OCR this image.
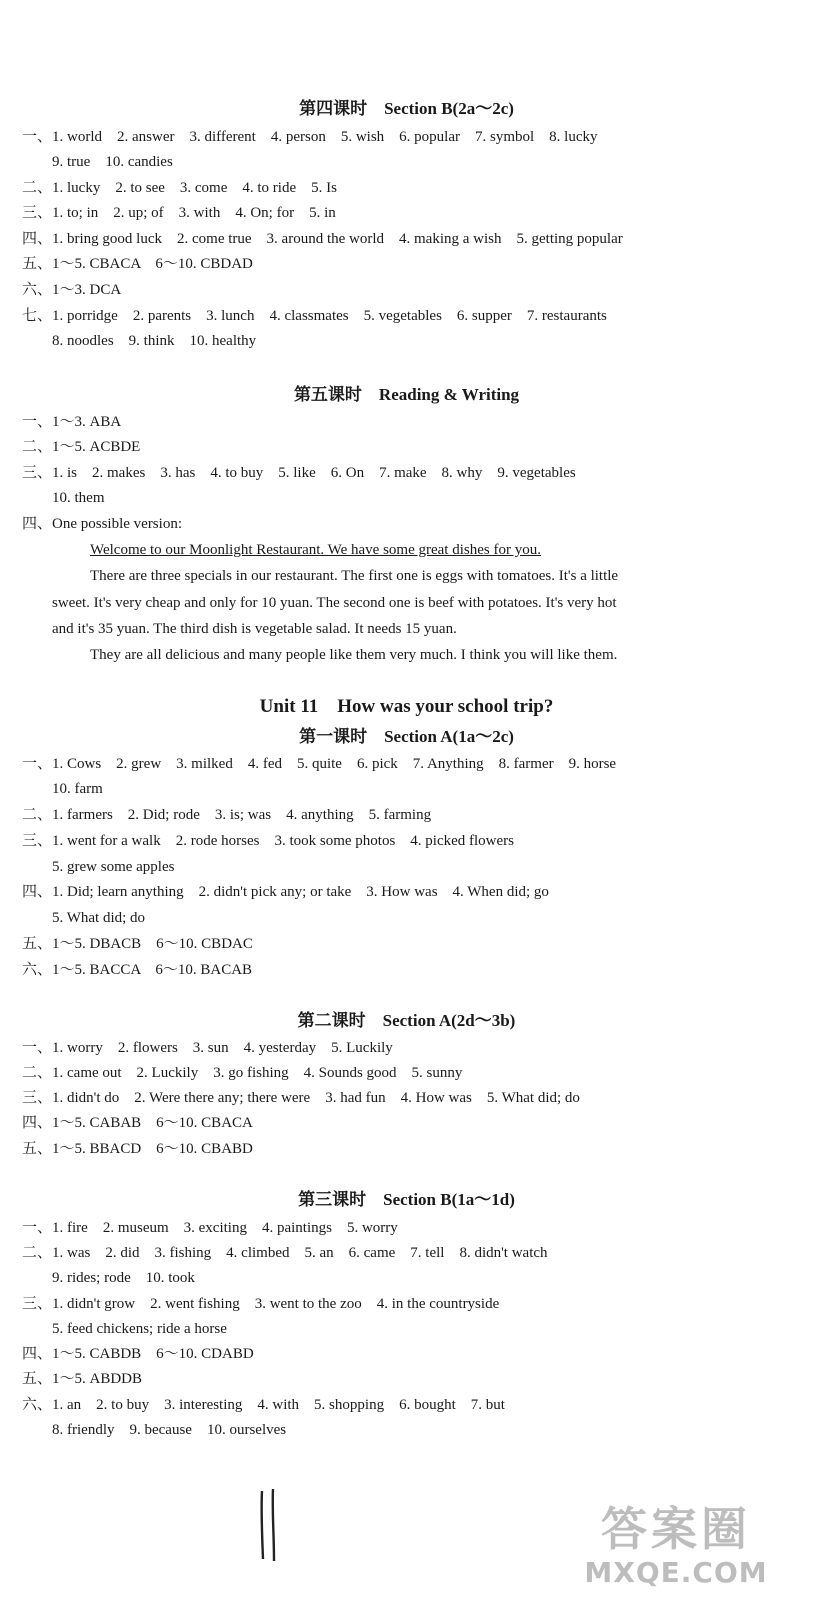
第四课时　Section B(2a～2c)
一、1. world　2. answer　3. different　4. person　5. wish　6. popular　7. symbol　8. lucky
9. true　10. candies
二、1. lucky　2. to see　3. come　4. to ride　5. Is
三、1. to; in　2. up; of　3. with　4. On; for　5. in
四、1. bring good luck　2. come true　3. around the world　4. making a wish　5. getting popular
五、1～5. CBACA　6～10. CBDAD
六、1～3. DCA
七、1. porridge　2. parents　3. lunch　4. classmates　5. vegetables　6. supper　7. restaurants
8. noodles　9. think　10. healthy
第五课时　Reading & Writing
一、1～3. ABA
二、1～5. ACBDE
三、1. is　2. makes　3. has　4. to buy　5. like　6. On　7. make　8. why　9. vegetables
10. them
四、One possible version:
Welcome to our Moonlight Restaurant. We have some great dishes for you.
There are three specials in our restaurant. The first one is eggs with tomatoes. It's a little
sweet. It's very cheap and only for 10 yuan. The second one is beef with potatoes. It's very hot
and it's 35 yuan. The third dish is vegetable salad. It needs 15 yuan.
They are all delicious and many people like them very much. I think you will like them.
Unit 11　How was your school trip?
第一课时　Section A(1a～2c)
一、1. Cows　2. grew　3. milked　4. fed　5. quite　6. pick　7. Anything　8. farmer　9. horse
10. farm
二、1. farmers　2. Did; rode　3. is; was　4. anything　5. farming
三、1. went for a walk　2. rode horses　3. took some photos　4. picked flowers
5. grew some apples
四、1. Did; learn anything　2. didn't pick any; or take　3. How was　4. When did; go
5. What did; do
五、1～5. DBACB　6～10. CBDAC
六、1～5. BACCA　6～10. BACAB
第二课时　Section A(2d～3b)
一、1. worry　2. flowers　3. sun　4. yesterday　5. Luckily
二、1. came out　2. Luckily　3. go fishing　4. Sounds good　5. sunny
三、1. didn't do　2. Were there any; there were　3. had fun　4. How was　5. What did; do
四、1～5. CABAB　6～10. CBACA
五、1～5. BBACD　6～10. CBABD
第三课时　Section B(1a～1d)
一、1. fire　2. museum　3. exciting　4. paintings　5. worry
二、1. was　2. did　3. fishing　4. climbed　5. an　6. came　7. tell　8. didn't watch
9. rides; rode　10. took
三、1. didn't grow　2. went fishing　3. went to the zoo　4. in the countryside
5. feed chickens; ride a horse
四、1～5. CABDB　6～10. CDABD
五、1～5. ABDDB
六、1. an　2. to buy　3. interesting　4. with　5. shopping　6. bought　7. but
8. friendly　9. because　10. ourselves
答案圈
MXQE.COM
